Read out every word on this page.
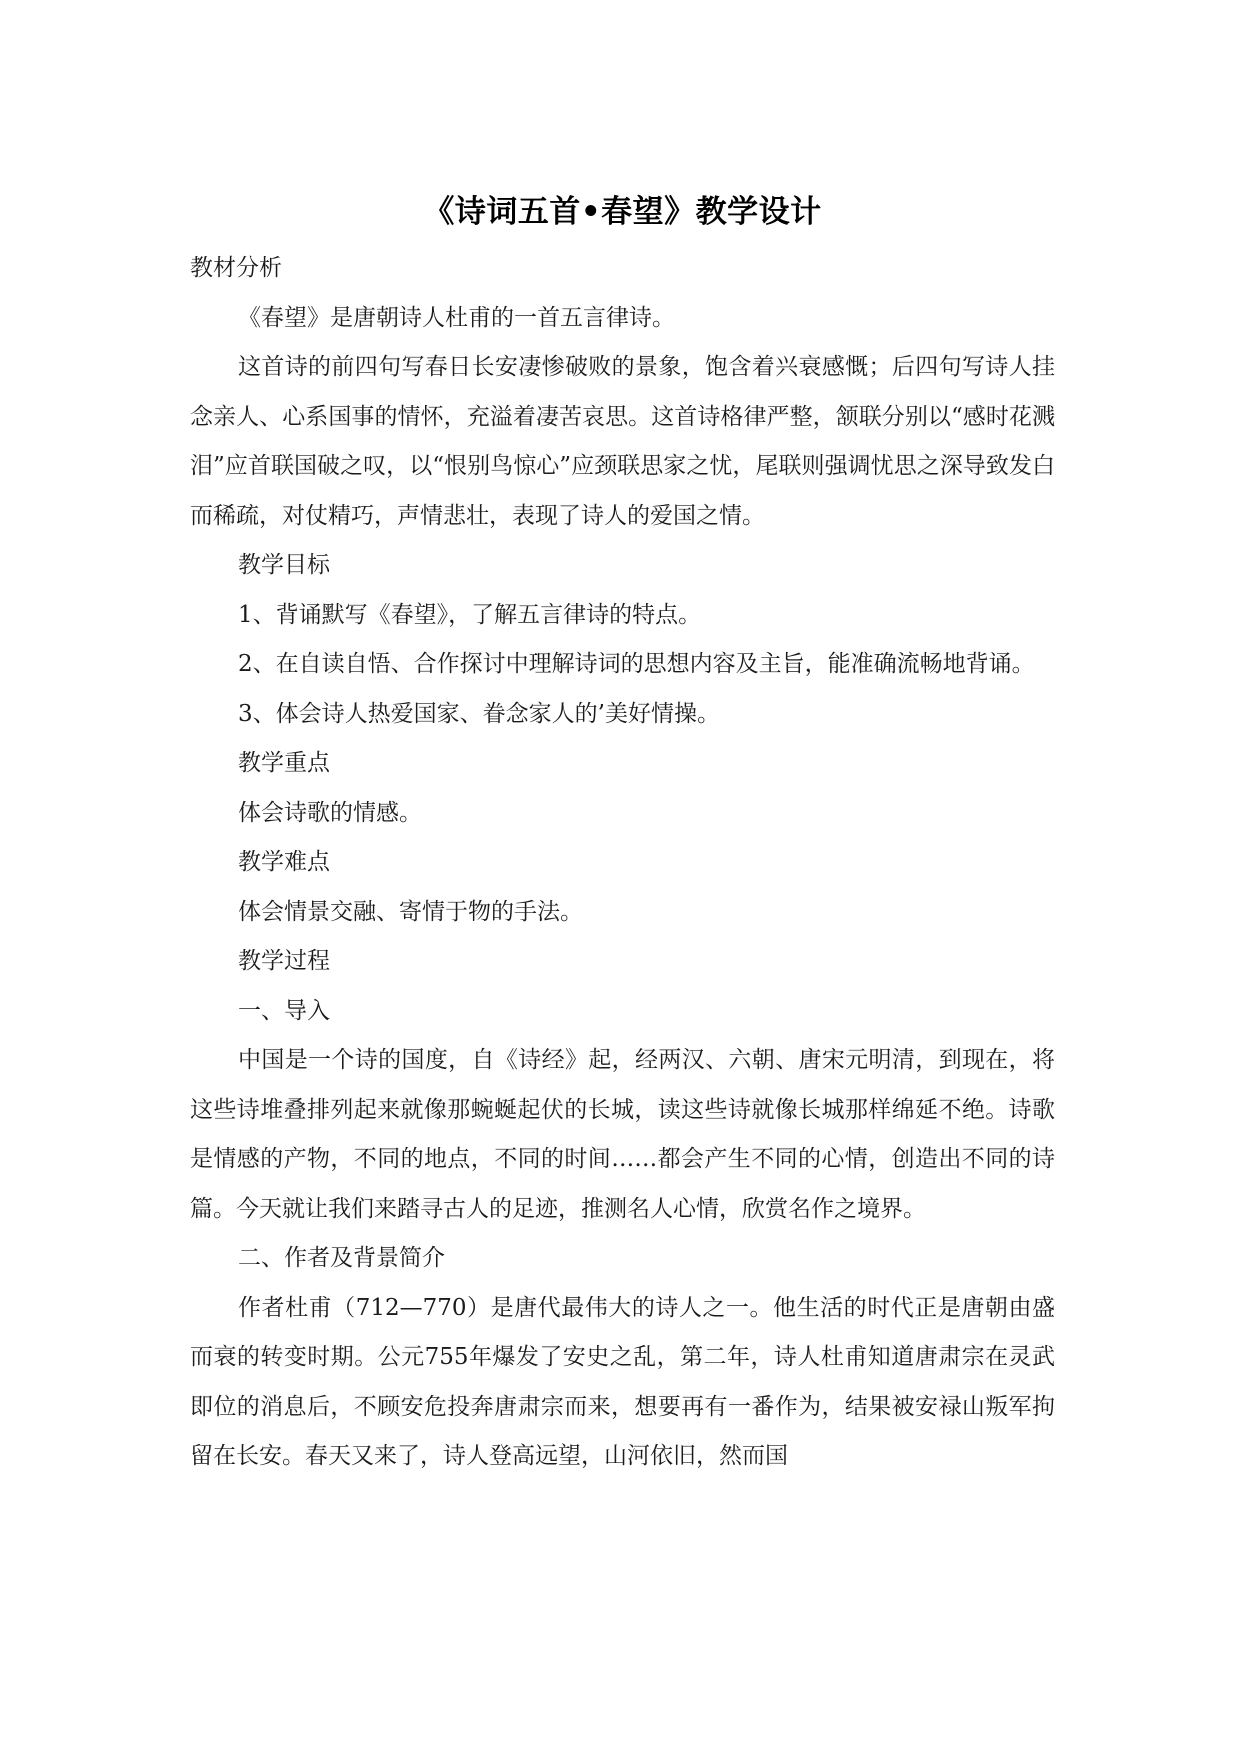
《诗词五首•春望》教学设计

教材分析

《春望》是唐朝诗人杜甫的一首五言律诗。

这首诗的前四句写春日长安凄惨破败的景象，饱含着兴衰感慨；后四句写诗人挂念亲人、心系国事的情怀，充溢着凄苦哀思。这首诗格律严整，颔联分别以“感时花溅泪”应首联国破之叹，以“恨别鸟惊心”应颈联思家之忧，尾联则强调忧思之深导致发白而稀疏，对仗精巧，声情悲壮，表现了诗人的爱国之情。

教学目标

1、背诵默写《春望》，了解五言律诗的特点。

2、在自读自悟、合作探讨中理解诗词的思想内容及主旨，能准确流畅地背诵。

3、体会诗人热爱国家、眷念家人的’美好情操。

教学重点

体会诗歌的情感。

教学难点

体会情景交融、寄情于物的手法。

教学过程

一、导入

中国是一个诗的国度，自《诗经》起，经两汉、六朝、唐宋元明清，到现在，将这些诗堆叠排列起来就像那蜿蜒起伏的长城，读这些诗就像长城那样绵延不绝。诗歌是情感的产物，不同的地点，不同的时间……都会产生不同的心情，创造出不同的诗篇。今天就让我们来踏寻古人的足迹，推测名人心情，欣赏名作之境界。

二、作者及背景简介

作者杜甫（712—770）是唐代最伟大的诗人之一。他生活的时代正是唐朝由盛而衰的转变时期。公元755年爆发了安史之乱，第二年，诗人杜甫知道唐肃宗在灵武即位的消息后，不顾安危投奔唐肃宗而来，想要再有一番作为，结果被安禄山叛军拘留在长安。春天又来了，诗人登高远望，山河依旧，然而国
